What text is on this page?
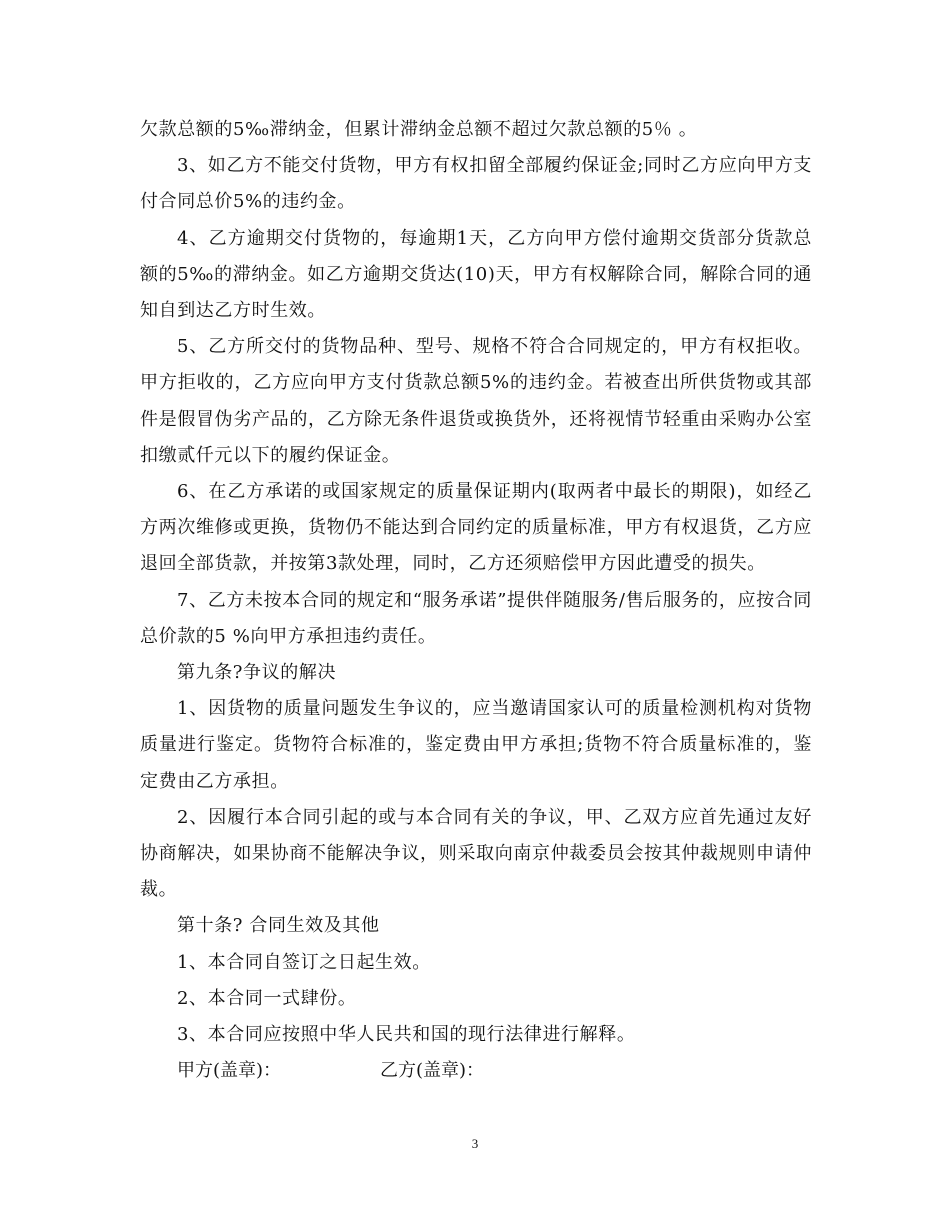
欠款总额的5‰滞纳金，但累计滞纳金总额不超过欠款总额的5％ 。

3、如乙方不能交付货物，甲方有权扣留全部履约保证金;同时乙方应向甲方支付合同总价5%的违约金。

4、乙方逾期交付货物的，每逾期1天，乙方向甲方偿付逾期交货部分货款总额的5‰的滞纳金。如乙方逾期交货达(10)天，甲方有权解除合同，解除合同的通知自到达乙方时生效。

5、乙方所交付的货物品种、型号、规格不符合合同规定的，甲方有权拒收。甲方拒收的，乙方应向甲方支付货款总额5%的违约金。若被查出所供货物或其部件是假冒伪劣产品的，乙方除无条件退货或换货外，还将视情节轻重由采购办公室扣缴贰仟元以下的履约保证金。

6、在乙方承诺的或国家规定的质量保证期内(取两者中最长的期限)，如经乙方两次维修或更换，货物仍不能达到合同约定的质量标准，甲方有权退货，乙方应退回全部货款，并按第3款处理，同时，乙方还须赔偿甲方因此遭受的损失。

7、乙方未按本合同的规定和“服务承诺”提供伴随服务/售后服务的，应按合同总价款的5 %向甲方承担违约责任。

第九条?争议的解决

1、因货物的质量问题发生争议的，应当邀请国家认可的质量检测机构对货物质量进行鉴定。货物符合标准的，鉴定费由甲方承担;货物不符合质量标准的，鉴定费由乙方承担。

2、因履行本合同引起的或与本合同有关的争议，甲、乙双方应首先通过友好协商解决，如果协商不能解决争议，则采取向南京仲裁委员会按其仲裁规则申请仲裁。

第十条? 合同生效及其他

1、本合同自签订之日起生效。

2、本合同一式肆份。

3、本合同应按照中华人民共和国的现行法律进行解释。

甲方(盖章)：	乙方(盖章)：
3
